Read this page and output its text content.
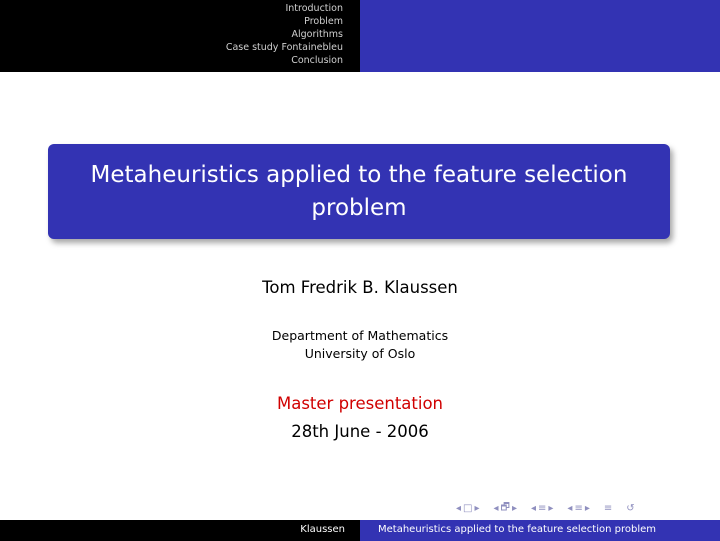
Introduction
Problem
Algorithms
Case study Fontainebleu
Conclusion
Metaheuristics applied to the feature selection problem
Tom Fredrik B. Klaussen
Department of Mathematics
University of Oslo
Master presentation
28th June - 2006
◂ □ ▸ ◂ 🗗 ▸ ◂ ≡ ▸ ◂ ≡ ▸ ≡ ↺
Klaussen	Metaheuristics applied to the feature selection problem
